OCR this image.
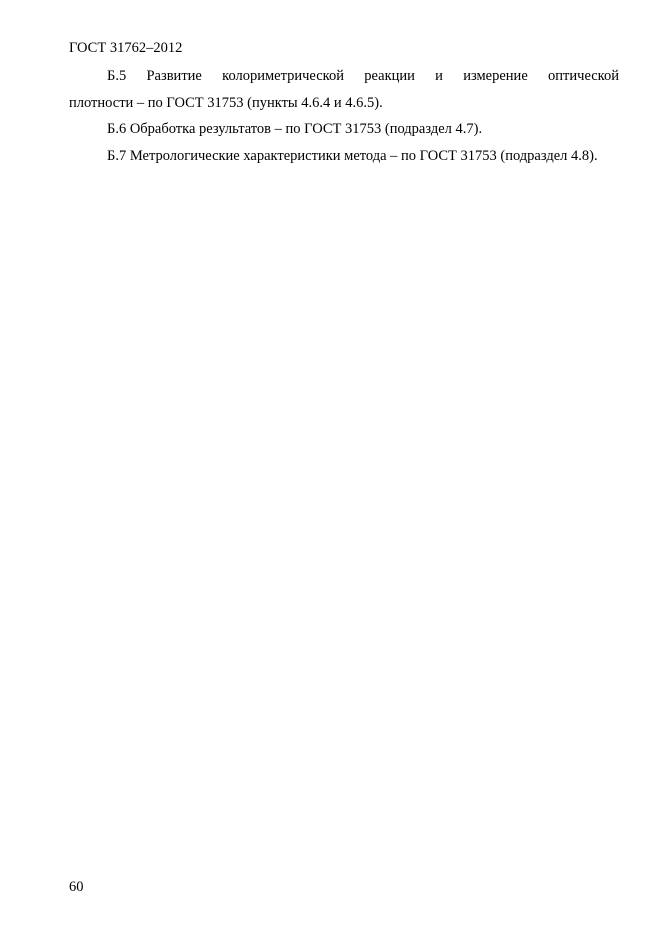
ГОСТ 31762–2012

Б.5 Развитие колориметрической реакции и измерение оптической
плотности – по ГОСТ 31753 (пункты 4.6.4 и 4.6.5).

Б.6 Обработка результатов – по ГОСТ 31753 (подраздел 4.7).

Б.7 Метрологические характеристики метода – по ГОСТ 31753 (подраздел 4.8).

60
